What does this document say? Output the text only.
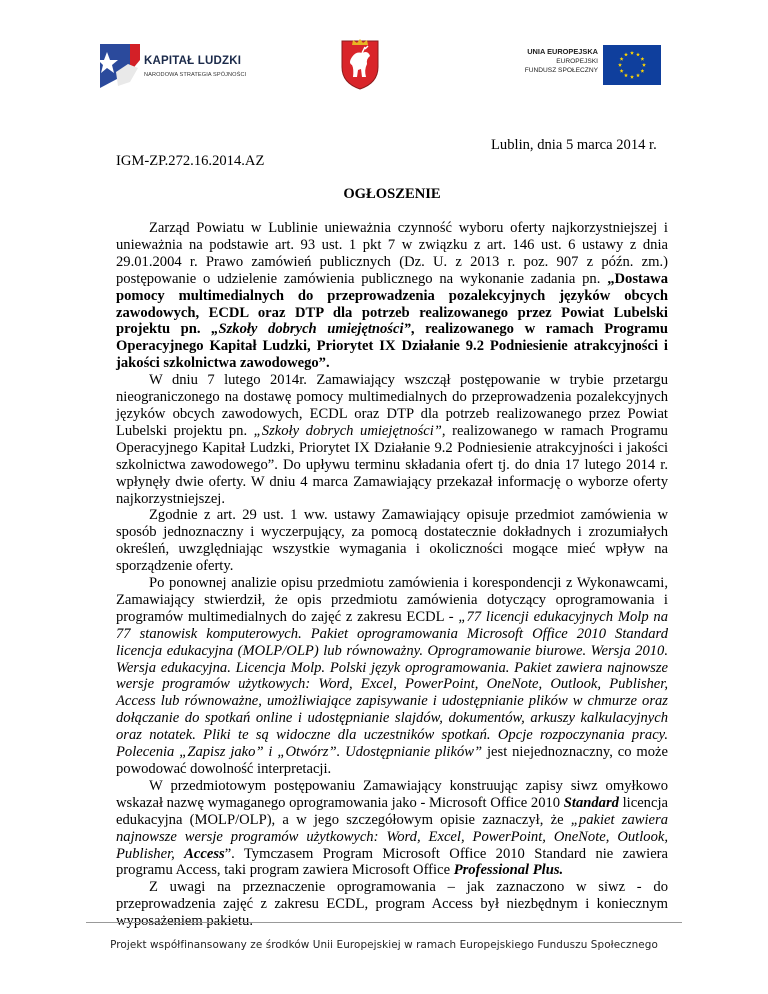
KAPITAŁ LUDZKI
NARODOWA STRATEGIA SPÓJNOŚCI
UNIA EUROPEJSKA
EUROPEJSKI
FUNDUSZ SPOŁECZNY
Lublin, dnia 5 marca 2014 r.
IGM-ZP.272.16.2014.AZ
OGŁOSZENIE

Zarząd Powiatu w Lublinie unieważnia czynność wyboru oferty najkorzystniejszej i unieważnia na podstawie art. 93 ust. 1 pkt 7 w związku z art. 146 ust. 6 ustawy z dnia 29.01.2004 r. Prawo zamówień publicznych (Dz. U. z 2013 r. poz. 907 z późn. zm.) postępowanie o udzielenie zamówienia publicznego na wykonanie zadania pn. „Dostawa pomocy multimedialnych do przeprowadzenia pozalekcyjnych języków obcych zawodowych, ECDL oraz DTP dla potrzeb realizowanego przez Powiat Lubelski projektu pn. „Szkoły dobrych umiejętności”, realizowanego w ramach Programu Operacyjnego Kapitał Ludzki, Priorytet IX Działanie 9.2 Podniesienie atrakcyjności i jakości szkolnictwa zawodowego”.

W dniu 7 lutego 2014r. Zamawiający wszczął postępowanie w trybie przetargu nieograniczonego na dostawę pomocy multimedialnych do przeprowadzenia pozalekcyjnych języków obcych zawodowych, ECDL oraz DTP dla potrzeb realizowanego przez Powiat Lubelski projektu pn. „Szkoły dobrych umiejętności”, realizowanego w ramach Programu Operacyjnego Kapitał Ludzki, Priorytet IX Działanie 9.2 Podniesienie atrakcyjności i jakości szkolnictwa zawodowego”. Do upływu terminu składania ofert tj. do dnia 17 lutego 2014 r. wpłynęły dwie oferty. W dniu 4 marca Zamawiający przekazał informację o wyborze oferty najkorzystniejszej.

Zgodnie z art. 29 ust. 1 ww. ustawy Zamawiający opisuje przedmiot zamówienia w sposób jednoznaczny i wyczerpujący, za pomocą dostatecznie dokładnych i zrozumiałych określeń, uwzględniając wszystkie wymagania i okoliczności mogące mieć wpływ na sporządzenie oferty.

Po ponownej analizie opisu przedmiotu zamówienia i korespondencji z Wykonawcami, Zamawiający stwierdził, że opis przedmiotu zamówienia dotyczący oprogramowania i programów multimedialnych do zajęć z zakresu ECDL - „77 licencji edukacyjnych Molp na 77 stanowisk komputerowych. Pakiet oprogramowania Microsoft Office 2010 Standard licencja edukacyjna (MOLP/OLP) lub równoważny. Oprogramowanie biurowe. Wersja 2010. Wersja edukacyjna. Licencja Molp. Polski język oprogramowania. Pakiet zawiera najnowsze wersje programów użytkowych: Word, Excel, PowerPoint, OneNote, Outlook, Publisher, Access lub równoważne, umożliwiające zapisywanie i udostępnianie plików w chmurze oraz dołączanie do spotkań online i udostępnianie slajdów, dokumentów, arkuszy kalkulacyjnych oraz notatek. Pliki te są widoczne dla uczestników spotkań. Opcje rozpoczynania pracy. Polecenia „Zapisz jako” i „Otwórz”. Udostępnianie plików” jest niejednoznaczny, co może powodować dowolność interpretacji.

W przedmiotowym postępowaniu Zamawiający konstruując zapisy siwz omyłkowo wskazał nazwę wymaganego oprogramowania jako - Microsoft Office 2010 Standard licencja edukacyjna (MOLP/OLP), a w jego szczegółowym opisie zaznaczył, że „pakiet zawiera najnowsze wersje programów użytkowych: Word, Excel, PowerPoint, OneNote, Outlook, Publisher, Access”. Tymczasem Program Microsoft Office 2010 Standard nie zawiera programu Access, taki program zawiera Microsoft Office Professional Plus.

Z uwagi na przeznaczenie oprogramowania – jak zaznaczono w siwz - do przeprowadzenia zajęć z zakresu ECDL, program Access był niezbędnym i koniecznym wyposażeniem pakietu.

Projekt współfinansowany ze środków Unii Europejskiej w ramach Europejskiego Funduszu Społecznego
